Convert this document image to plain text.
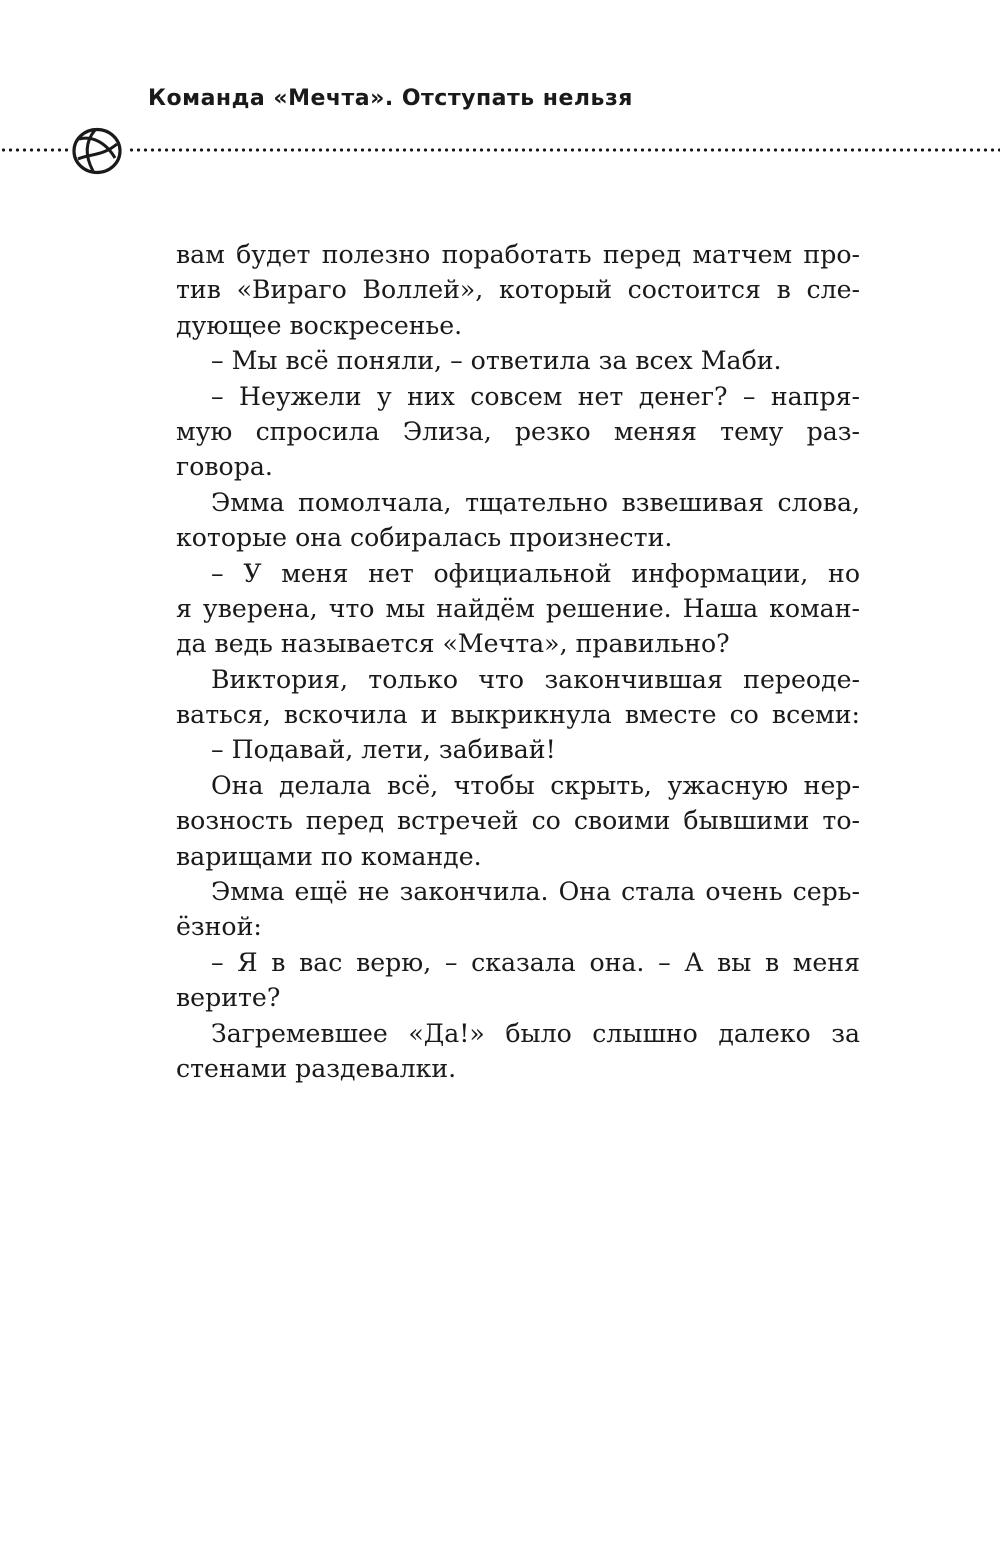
Команда «Мечта». Отступать нельзя
вам будет полезно поработать перед матчем про-
тив «Вираго Воллей», который состоится в сле-
дующее воскресенье.
– Мы всё поняли, – ответила за всех Маби.
– Неужели у них совсем нет денег? – напря-
мую спросила Элиза, резко меняя тему раз-
говора.
Эмма помолчала, тщательно взвешивая слова,
которые она собиралась произнести.
– У меня нет официальной информации, но
я уверена, что мы найдём решение. Наша коман-
да ведь называется «Мечта», правильно?
Виктория, только что закончившая переоде-
ваться, вскочила и выкрикнула вместе со всеми:
– Подавай, лети, забивай!
Она делала всё, чтобы скрыть, ужасную нер-
возность перед встречей со своими бывшими то-
варищами по команде.
Эмма ещё не закончила. Она стала очень серь-
ёзной:
– Я в вас верю, – сказала она. – А вы в меня
верите?
Загремевшее «Да!» было слышно далеко за
стенами раздевалки.
